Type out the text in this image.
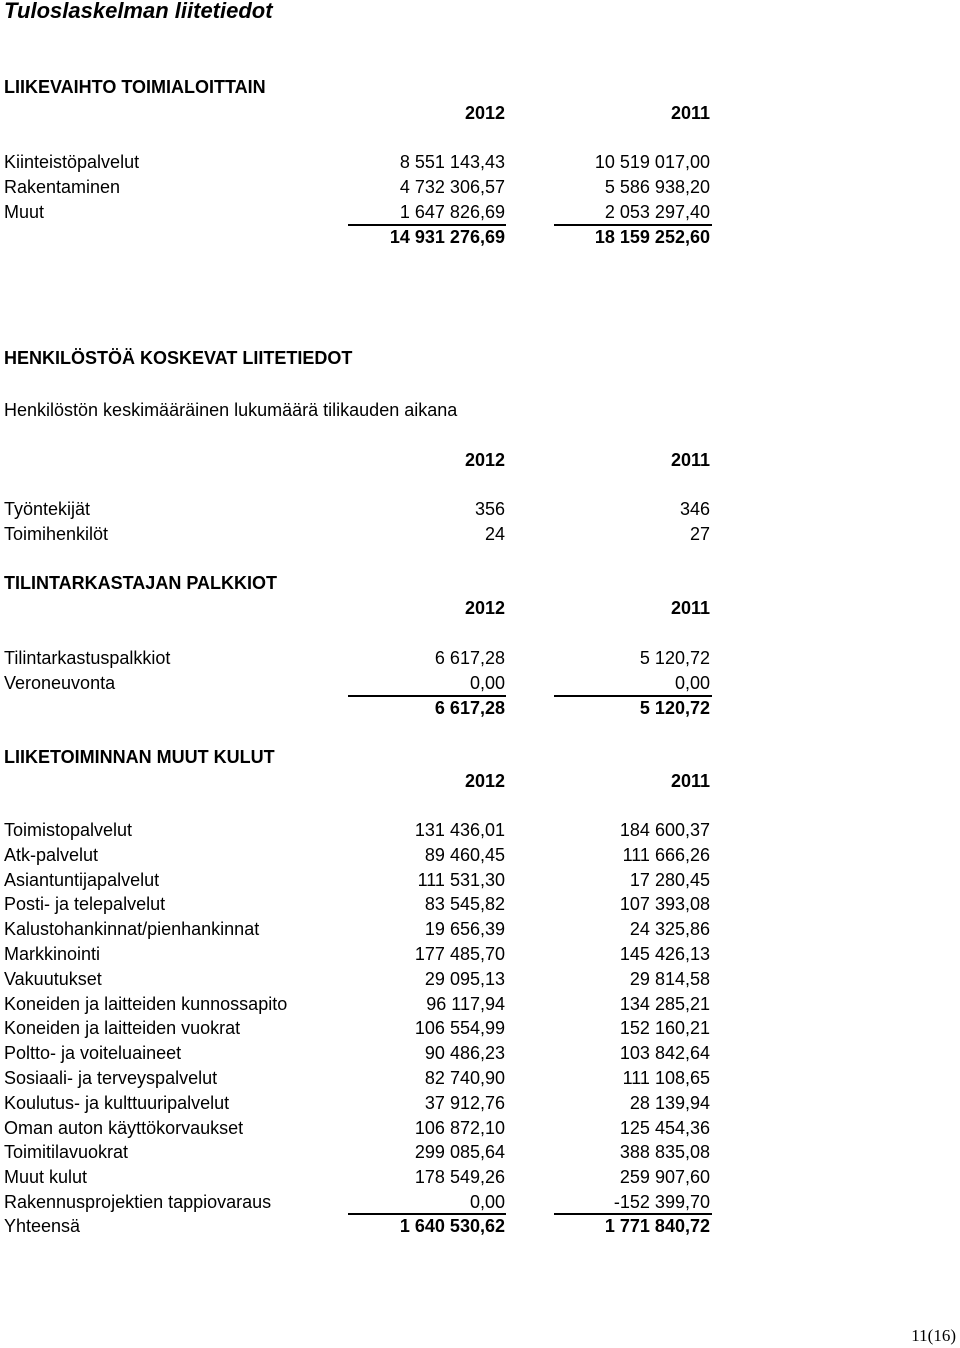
Tuloslaskelman liitetiedot
LIIKEVAIHTO TOIMIALOITTAIN
2012	2011
Kiinteistöpalvelut	8 551 143,43	10 519 017,00
Rakentaminen	4 732 306,57	5 586 938,20
Muut	1 647 826,69	2 053 297,40
14 931 276,69	18 159 252,60
HENKILÖSTÖÄ KOSKEVAT LIITETIEDOT
Henkilöstön keskimääräinen lukumäärä tilikauden aikana
2012	2011
Työntekijät	356	346
Toimihenkilöt	24	27
TILINTARKASTAJAN PALKKIOT
2012	2011
Tilintarkastuspalkkiot	6 617,28	5 120,72
Veroneuvonta	0,00	0,00
6 617,28	5 120,72
LIIKETOIMINNAN MUUT KULUT
2012	2011
Toimistopalvelut	131 436,01	184 600,37
Atk-palvelut	89 460,45	111 666,26
Asiantuntijapalvelut	111 531,30	17 280,45
Posti- ja telepalvelut	83 545,82	107 393,08
Kalustohankinnat/pienhankinnat	19 656,39	24 325,86
Markkinointi	177 485,70	145 426,13
Vakuutukset	29 095,13	29 814,58
Koneiden ja laitteiden kunnossapito	96 117,94	134 285,21
Koneiden ja laitteiden vuokrat	106 554,99	152 160,21
Poltto- ja voiteluaineet	90 486,23	103 842,64
Sosiaali- ja terveyspalvelut	82 740,90	111 108,65
Koulutus- ja kulttuuripalvelut	37 912,76	28 139,94
Oman auton käyttökorvaukset	106 872,10	125 454,36
Toimitilavuokrat	299 085,64	388 835,08
Muut kulut	178 549,26	259 907,60
Rakennusprojektien tappiovaraus	0,00	-152 399,70
Yhteensä	1 640 530,62	1 771 840,72
11(16)
